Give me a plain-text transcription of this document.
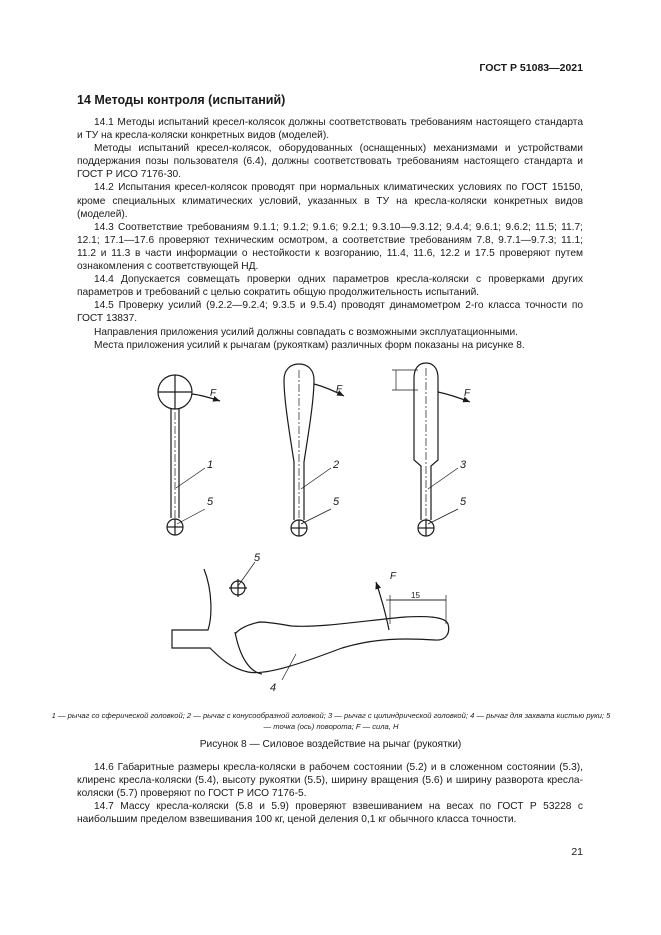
ГОСТ Р 51083—2021
14 Методы контроля (испытаний)

14.1 Методы испытаний кресел-колясок должны соответствовать требованиям настоящего стандарта и ТУ на кресла-коляски конкретных видов (моделей).

Методы испытаний кресел-колясок, оборудованных (оснащенных) механизмами и устройствами поддержания позы пользователя (6.4), должны соответствовать требованиям настоящего стандарта и ГОСТ Р ИСО 7176-30.

14.2 Испытания кресел-колясок проводят при нормальных климатических условиях по ГОСТ 15150, кроме специальных климатических условий, указанных в ТУ на кресла-коляски конкретных видов (моделей).

14.3 Соответствие требованиям 9.1.1; 9.1.2; 9.1.6; 9.2.1; 9.3.10—9.3.12; 9.4.4; 9.6.1; 9.6.2; 11.5; 11.7; 12.1; 17.1—17.6 проверяют техническим осмотром, а соответствие требованиям 7.8, 9.7.1—9.7.3; 11.1; 11.2 и 11.3 в части информации о нестойкости к возгоранию, 11.4, 11.6, 12.2 и 17.5 проверяют путем ознакомления с соответствующей НД.

14.4 Допускается совмещать проверки одних параметров кресла-коляски с проверками других параметров и требований с целью сократить общую продолжительность испытаний.

14.5 Проверку усилий (9.2.2—9.2.4; 9.3.5 и 9.5.4) проводят динамометром 2-го класса точности по ГОСТ 13837.

Направления приложения усилий должны совпадать с возможными эксплуатационными.

Места приложения усилий к рычагам (рукояткам) различных форм показаны на рисунке 8.

F	F	F
F
1	2	3
5	5	5
5
4
15
1 — рычаг со сферической головкой; 2 — рычаг с конусообразной головкой; 3 — рычаг с цилиндрической головкой; 4 — рычаг для захвата кистью руки; 5 — точка (ось) поворота; F — сила, Н
Рисунок 8 — Силовое воздействие на рычаг (рукоятки)

14.6 Габаритные размеры кресла-коляски в рабочем состоянии (5.2) и в сложенном состоянии (5.3), клиренс кресла-коляски (5.4), высоту рукоятки (5.5), ширину вращения (5.6) и ширину разворота кресла-коляски (5.7) проверяют по ГОСТ Р ИСО 7176-5.

14.7 Массу кресла-коляски (5.8 и 5.9) проверяют взвешиванием на весах по ГОСТ Р 53228 с наибольшим пределом взвешивания 100 кг, ценой деления 0,1 кг обычного класса точности.

21
